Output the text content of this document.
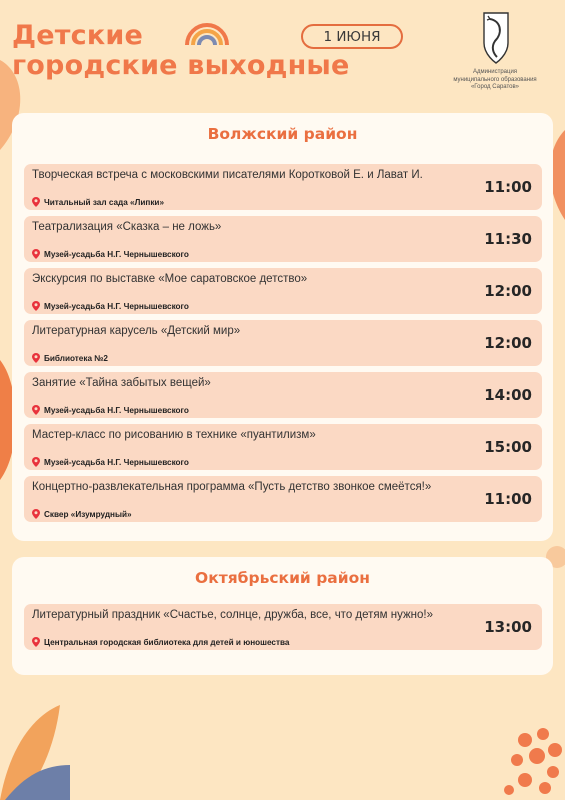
Детские
городские выходные
1 ИЮНЯ
Администрация
муниципального образования
«Город Саратов»
Волжский район
Творческая встреча с московскими писателями Коротковой Е. и Лават И.
Читальный зал сада «Липки»
11:00
Театрализация «Сказка – не ложь»
Музей-усадьба Н.Г. Чернышевского
11:30
Экскурсия по выставке «Мое саратовское детство»
Музей-усадьба Н.Г. Чернышевского
12:00
Литературная карусель «Детский мир»
Библиотека №2
12:00
Занятие «Тайна забытых вещей»
Музей-усадьба Н.Г. Чернышевского
14:00
Мастер-класс по рисованию в технике «пуантилизм»
Музей-усадьба Н.Г. Чернышевского
15:00
Концертно-развлекательная программа «Пусть детство звонкое смеётся!»
Сквер «Изумрудный»
11:00
Октябрьский район
Литературный праздник «Счастье, солнце, дружба, все, что детям нужно!»
Центральная городская библиотека для детей и юношества
13:00
